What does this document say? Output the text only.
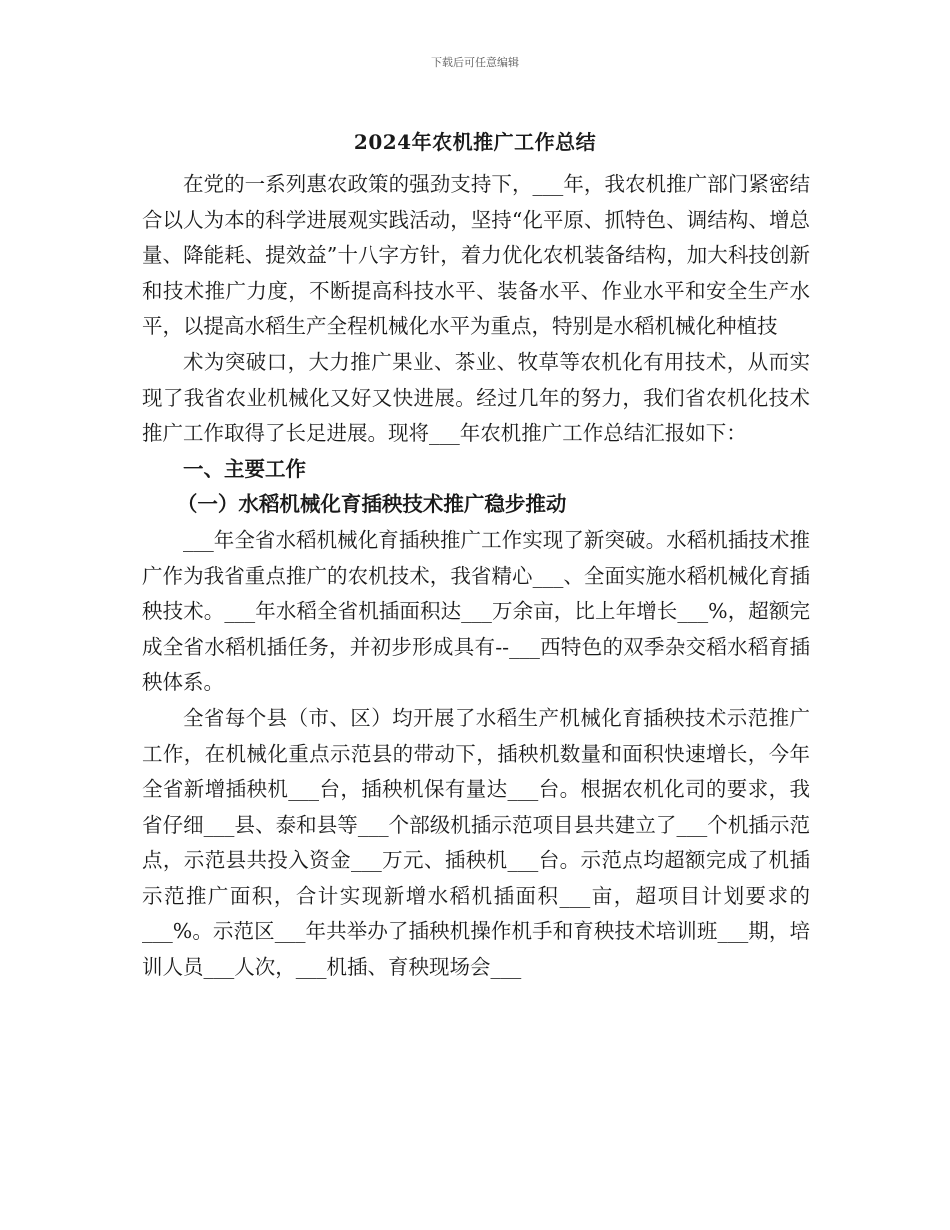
下载后可任意编辑
2024年农机推广工作总结

在党的一系列惠农政策的强劲支持下，___年，我农机推广部门紧密结合以人为本的科学进展观实践活动，坚持“化平原、抓特色、调结构、增总量、降能耗、提效益”十八字方针，着力优化农机装备结构，加大科技创新和技术推广力度，不断提高科技水平、装备水平、作业水平和安全生产水平，以提高水稻生产全程机械化水平为重点，特别是水稻机械化种植技

术为突破口，大力推广果业、茶业、牧草等农机化有用技术，从而实现了我省农业机械化又好又快进展。经过几年的努力，我们省农机化技术推广工作取得了长足进展。现将___年农机推广工作总结汇报如下：

一、主要工作

（一）水稻机械化育插秧技术推广稳步推动

___年全省水稻机械化育插秧推广工作实现了新突破。水稻机插技术推广作为我省重点推广的农机技术，我省精心___、全面实施水稻机械化育插秧技术。___年水稻全省机插面积达___万余亩，比上年增长___%，超额完成全省水稻机插任务，并初步形成具有--___西特色的双季杂交稻水稻育插秧体系。

全省每个县（市、区）均开展了水稻生产机械化育插秧技术示范推广工作，在机械化重点示范县的带动下，插秧机数量和面积快速增长，今年全省新增插秧机___台，插秧机保有量达___台。根据农机化司的要求，我省仔细___县、泰和县等___个部级机插示范项目县共建立了___个机插示范点，示范县共投入资金___万元、插秧机___台。示范点均超额完成了机插示范推广面积，合计实现新增水稻机插面积___亩，超项目计划要求的___%。示范区___年共举办了插秧机操作机手和育秧技术培训班___期，培训人员___人次，___机插、育秧现场会___
